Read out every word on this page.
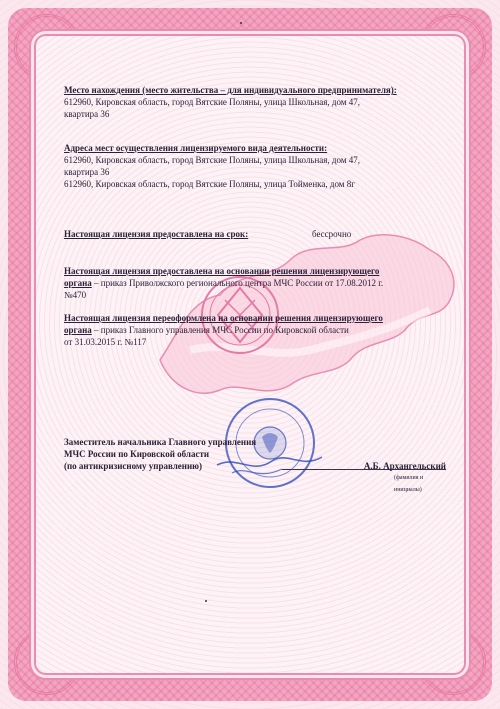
Место нахождения (место жительства – для индивидуального предпринимателя):

612960, Кировская область, город Вятские Поляны, улица Школьная, дом 47,

квартира 36

Адреса мест осуществления лицензируемого вида деятельности:

612960, Кировская область, город Вятские Поляны, улица Школьная, дом 47,

квартира 36

612960, Кировская область, город Вятские Поляны, улица Тойменка, дом 8г

Настоящая лицензия предоставлена на срок:	бессрочно

Настоящая лицензия предоставлена на основании решения лицензирующего

органа – приказ Приволжского регионального центра МЧС России от 17.08.2012 г.

№470

Настоящая лицензия переоформлена на основании решения лицензирующего

органа – приказ Главного управления МЧС России по Кировской области

от 31.03.2015 г. №117

Заместитель начальника Главного управления

МЧС России по Кировской области

(по антикризисному управлению)	А.Б. Архангельский
(фамилия и инициалы)
